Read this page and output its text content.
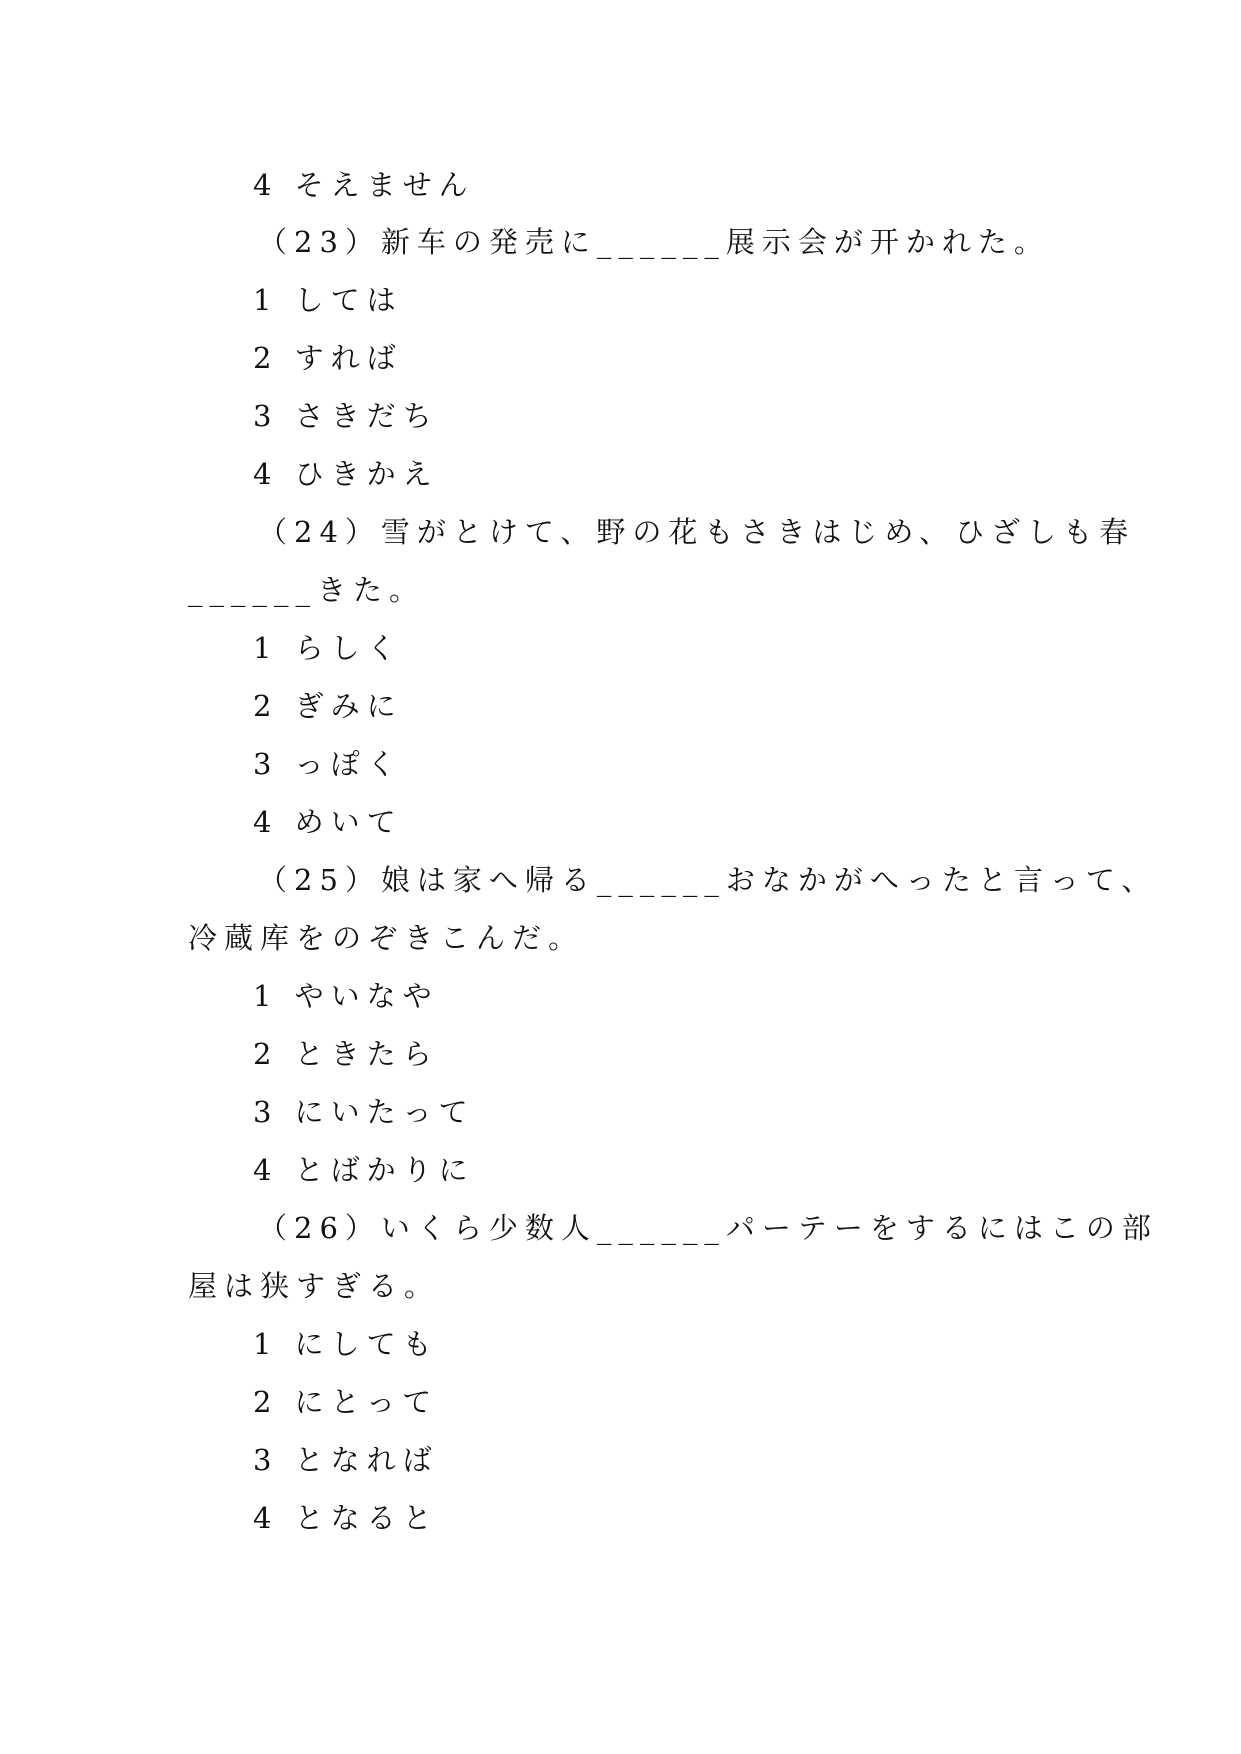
4 そえません
（23）新车の発売に______展示会が开かれた。
1 しては
2 すれば
3 さきだち
4 ひきかえ
（24）雪がとけて、野の花もさきはじめ、ひざしも春
______きた。
1 らしく
2 ぎみに
3 っぽく
4 めいて
（25）娘は家へ帰る______おなかがへったと言って、
冷蔵库をのぞきこんだ。
1 やいなや
2 ときたら
3 にいたって
4 とばかりに
（26）いくら少数人______パーテーをするにはこの部
屋は狭すぎる。
1 にしても
2 にとって
3 となれば
4 となると
